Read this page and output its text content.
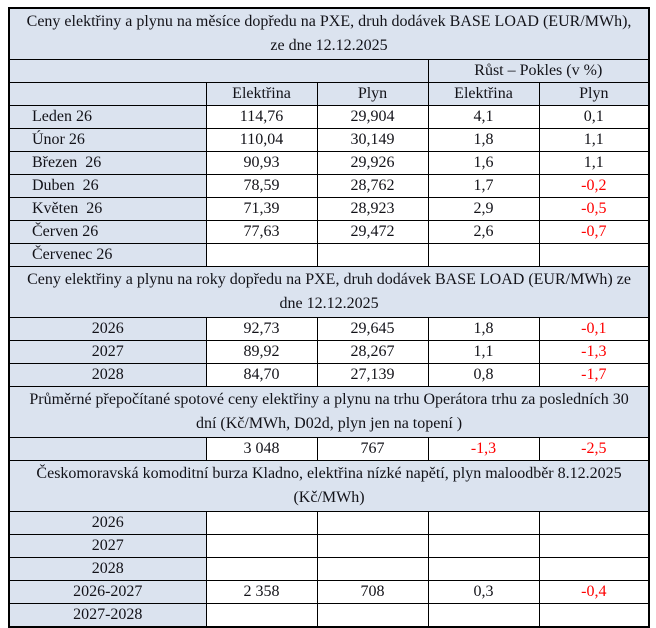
Ceny elektřiny a plynu na měsíce dopředu na PXE, druh dodávek BASE LOAD (EUR/MWh),
ze dne 12.12.2025				

			Růst – Pokles (v %)	
	Elektřina	Plyn	Elektřina	Plyn
Leden 26	114,76	29,904	4,1	0,1
Únor 26	110,04	30,149	1,8	1,1
Březen  26	90,93	29,926	1,6	1,1
Duben  26	78,59	28,762	1,7	-0,2
Květen  26	71,39	28,923	2,9	-0,5
Červen 26	77,63	29,472	2,6	-0,7
Červenec 26				

Ceny elektřiny a plynu na roky dopředu na PXE, druh dodávek BASE LOAD (EUR/MWh) ze
dne 12.12.2025				

2026	92,73	29,645	1,8	-0,1
2027	89,92	28,267	1,1	-1,3
2028	84,70	27,139	0,8	-1,7

Průměrné přepočítané spotové ceny elektřiny a plynu na trhu Operátora trhu za posledních 30
dní (Kč/MWh, D02d, plyn jen na topení )				

	3 048	767	-1,3	-2,5

Českomoravská komoditní burza Kladno, elektřina nízké napětí, plyn maloodběr 8.12.2025
(Kč/MWh)				

2026				
2027				
2028				
2026-2027	2 358	708	0,3	-0,4
2027-2028				
